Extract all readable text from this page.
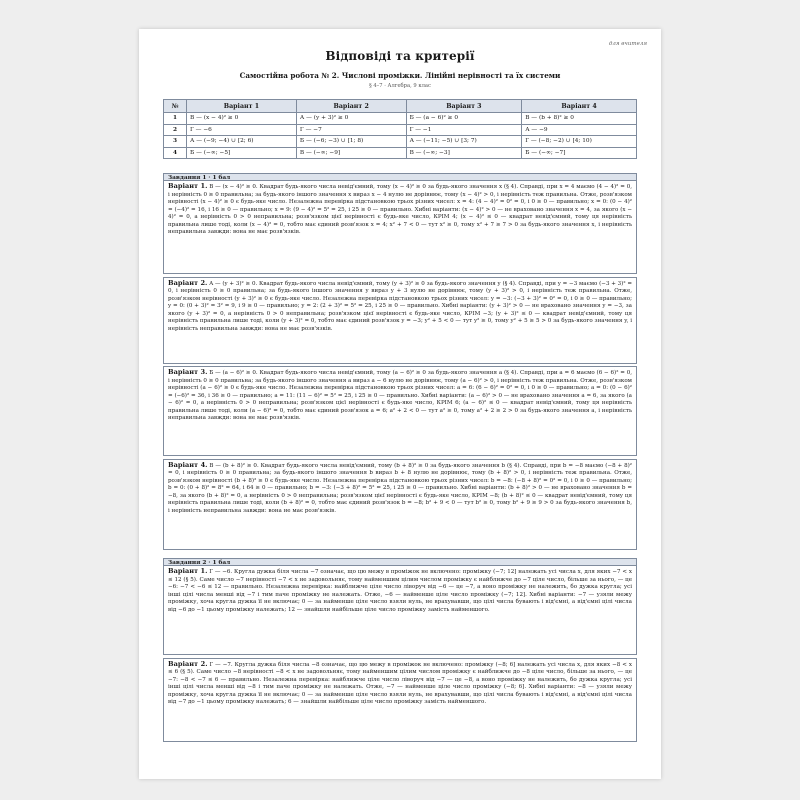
для вчителя
Відповіді та критерії
Самостійна робота № 2. Числові проміжки. Лінійні нерівності та їх системи
§ 4–7 · Алгебра, 9 клас
№	Варіант 1	Варіант 2	Варіант 3	Варіант 4
1	В — (x − 4)² ≥ 0	А — (y + 3)² ≥ 0	Б — (a − 6)² ≥ 0	В — (b + 8)² ≥ 0
2	Г — −6	Г — −7	Г — −1	А — −9
3	А — (−9; −4) ∪ [2; 6)	Б — (−6; −3) ∪ [1; 8)	А — (−11; −5) ∪ [3; 7)	Г — (−8; −2) ∪ [4; 10)
4	Б — (−∞; −5]	В — (−∞; −9]	В — (−∞; −3]	Б — (−∞; −7]
Завдання 1 · 1 бал
Варіант 1. В — (x − 4)² ≥ 0. Квадрат будь-якого числа невід'ємний, тому (x − 4)² ≥ 0 за будь-якого значення x (§ 4). Справді, при x = 4 маємо (4 − 4)² = 0, і нерівність 0 ≥ 0 правильна; за будь-якого іншого значення x вираз x − 4 нулю не дорівнює, тому (x − 4)² > 0, і нерівність теж правильна. Отже, розв'язком нерівності (x − 4)² ≥ 0 є будь-яке число. Незалежна перевірка підстановкою трьох різних чисел: x = 4: (4 − 4)² = 0² = 0, і 0 ≥ 0 — правильно; x = 0: (0 − 4)² = (−4)² = 16, і 16 ≥ 0 — правильно; x = 9: (9 − 4)² = 5² = 25, і 25 ≥ 0 — правильно. Хибні варіанти: (x − 4)² > 0 — не враховано значення x = 4, за якого (x − 4)² = 0, а нерівність 0 > 0 неправильна; розв'язком цієї нерівності є будь-яке число, КРІМ 4; (x − 4)² ≤ 0 — квадрат невід'ємний, тому ця нерівність правильна лише тоді, коли (x − 4)² = 0, тобто має єдиний розв'язок x = 4; x² + 7 < 0 — тут x² ≥ 0, тому x² + 7 ≥ 7 > 0 за будь-якого значення x, і нерівність неправильна завжди: вона не має розв'язків.
Варіант 2. А — (y + 3)² ≥ 0. Квадрат будь-якого числа невід'ємний, тому (y + 3)² ≥ 0 за будь-якого значення y (§ 4). Справді, при y = −3 маємо (−3 + 3)² = 0, і нерівність 0 ≥ 0 правильна; за будь-якого іншого значення y вираз y + 3 нулю не дорівнює, тому (y + 3)² > 0, і нерівність теж правильна. Отже, розв'язком нерівності (y + 3)² ≥ 0 є будь-яке число. Незалежна перевірка підстановкою трьох різних чисел: y = −3: (−3 + 3)² = 0² = 0, і 0 ≥ 0 — правильно; y = 0: (0 + 3)² = 3² = 9, і 9 ≥ 0 — правильно; y = 2: (2 + 3)² = 5² = 25, і 25 ≥ 0 — правильно. Хибні варіанти: (y + 3)² > 0 — не враховано значення y = −3, за якого (y + 3)² = 0, а нерівність 0 > 0 неправильна; розв'язком цієї нерівності є будь-яке число, КРІМ −3; (y + 3)² ≤ 0 — квадрат невід'ємний, тому ця нерівність правильна лише тоді, коли (y + 3)² = 0, тобто має єдиний розв'язок y = −3; y² + 5 < 0 — тут y² ≥ 0, тому y² + 5 ≥ 5 > 0 за будь-якого значення y, і нерівність неправильна завжди: вона не має розв'язків.
Варіант 3. Б — (a − 6)² ≥ 0. Квадрат будь-якого числа невід'ємний, тому (a − 6)² ≥ 0 за будь-якого значення a (§ 4). Справді, при a = 6 маємо (6 − 6)² = 0, і нерівність 0 ≥ 0 правильна; за будь-якого іншого значення a вираз a − 6 нулю не дорівнює, тому (a − 6)² > 0, і нерівність теж правильна. Отже, розв'язком нерівності (a − 6)² ≥ 0 є будь-яке число. Незалежна перевірка підстановкою трьох різних чисел: a = 6: (6 − 6)² = 0² = 0, і 0 ≥ 0 — правильно; a = 0: (0 − 6)² = (−6)² = 36, і 36 ≥ 0 — правильно; a = 11: (11 − 6)² = 5² = 25, і 25 ≥ 0 — правильно. Хибні варіанти: (a − 6)² > 0 — не враховано значення a = 6, за якого (a − 6)² = 0, а нерівність 0 > 0 неправильна; розв'язком цієї нерівності є будь-яке число, КРІМ 6; (a − 6)² ≤ 0 — квадрат невід'ємний, тому ця нерівність правильна лише тоді, коли (a − 6)² = 0, тобто має єдиний розв'язок a = 6; a² + 2 < 0 — тут a² ≥ 0, тому a² + 2 ≥ 2 > 0 за будь-якого значення a, і нерівність неправильна завжди: вона не має розв'язків.
Варіант 4. В — (b + 8)² ≥ 0. Квадрат будь-якого числа невід'ємний, тому (b + 8)² ≥ 0 за будь-якого значення b (§ 4). Справді, при b = −8 маємо (−8 + 8)² = 0, і нерівність 0 ≥ 0 правильна; за будь-якого іншого значення b вираз b + 8 нулю не дорівнює, тому (b + 8)² > 0, і нерівність теж правильна. Отже, розв'язком нерівності (b + 8)² ≥ 0 є будь-яке число. Незалежна перевірка підстановкою трьох різних чисел: b = −8: (−8 + 8)² = 0² = 0, і 0 ≥ 0 — правильно; b = 0: (0 + 8)² = 8² = 64, і 64 ≥ 0 — правильно; b = −3: (−3 + 8)² = 5² = 25, і 25 ≥ 0 — правильно. Хибні варіанти: (b + 8)² > 0 — не враховано значення b = −8, за якого (b + 8)² = 0, а нерівність 0 > 0 неправильна; розв'язком цієї нерівності є будь-яке число, КРІМ −8; (b + 8)² ≤ 0 — квадрат невід'ємний, тому ця нерівність правильна лише тоді, коли (b + 8)² = 0, тобто має єдиний розв'язок b = −8; b² + 9 < 0 — тут b² ≥ 0, тому b² + 9 ≥ 9 > 0 за будь-якого значення b, і нерівність неправильна завжди: вона не має розв'язків.
Завдання 2 · 1 бал
Варіант 1. Г — −6. Кругла дужка біля числа −7 означає, що цю межу в проміжок не включено: проміжку (−7; 12] належать усі числа x, для яких −7 < x ≤ 12 (§ 5). Саме число −7 нерівності −7 < x не задовольняє, тому найменшим цілим числом проміжку є найближче до −7 ціле число, більше за нього, — це −6: −7 < −6 ≤ 12 — правильно. Незалежна перевірка: найближче ціле число ліворуч від −6 — це −7, а воно проміжку не належить, бо дужка кругла; усі інші цілі числа менші від −7 і тим паче проміжку не належать. Отже, −6 — найменше ціле число проміжку (−7; 12]. Хибні варіанти: −7 — узяли межу проміжку, хоча кругла дужка її не включає; 0 — за найменше ціле число взяли нуль, не врахувавши, що цілі числа бувають і від'ємні, а від'ємні цілі числа від −6 до −1 цьому проміжку належать; 12 — знайшли найбільше ціле число проміжку замість найменшого.
Варіант 2. Г — −7. Кругла дужка біля числа −8 означає, що цю межу в проміжок не включено: проміжку (−8; 6] належать усі числа x, для яких −8 < x ≤ 6 (§ 5). Саме число −8 нерівності −8 < x не задовольняє, тому найменшим цілим числом проміжку є найближче до −8 ціле число, більше за нього, — це −7: −8 < −7 ≤ 6 — правильно. Незалежна перевірка: найближче ціле число ліворуч від −7 — це −8, а воно проміжку не належить, бо дужка кругла; усі інші цілі числа менші від −8 і тим паче проміжку не належать. Отже, −7 — найменше ціле число проміжку (−8; 6]. Хибні варіанти: −8 — узяли межу проміжку, хоча кругла дужка її не включає; 0 — за найменше ціле число взяли нуль, не врахувавши, що цілі числа бувають і від'ємні, а від'ємні цілі числа від −7 до −1 цьому проміжку належать; 6 — знайшли найбільше ціле число проміжку замість найменшого.
